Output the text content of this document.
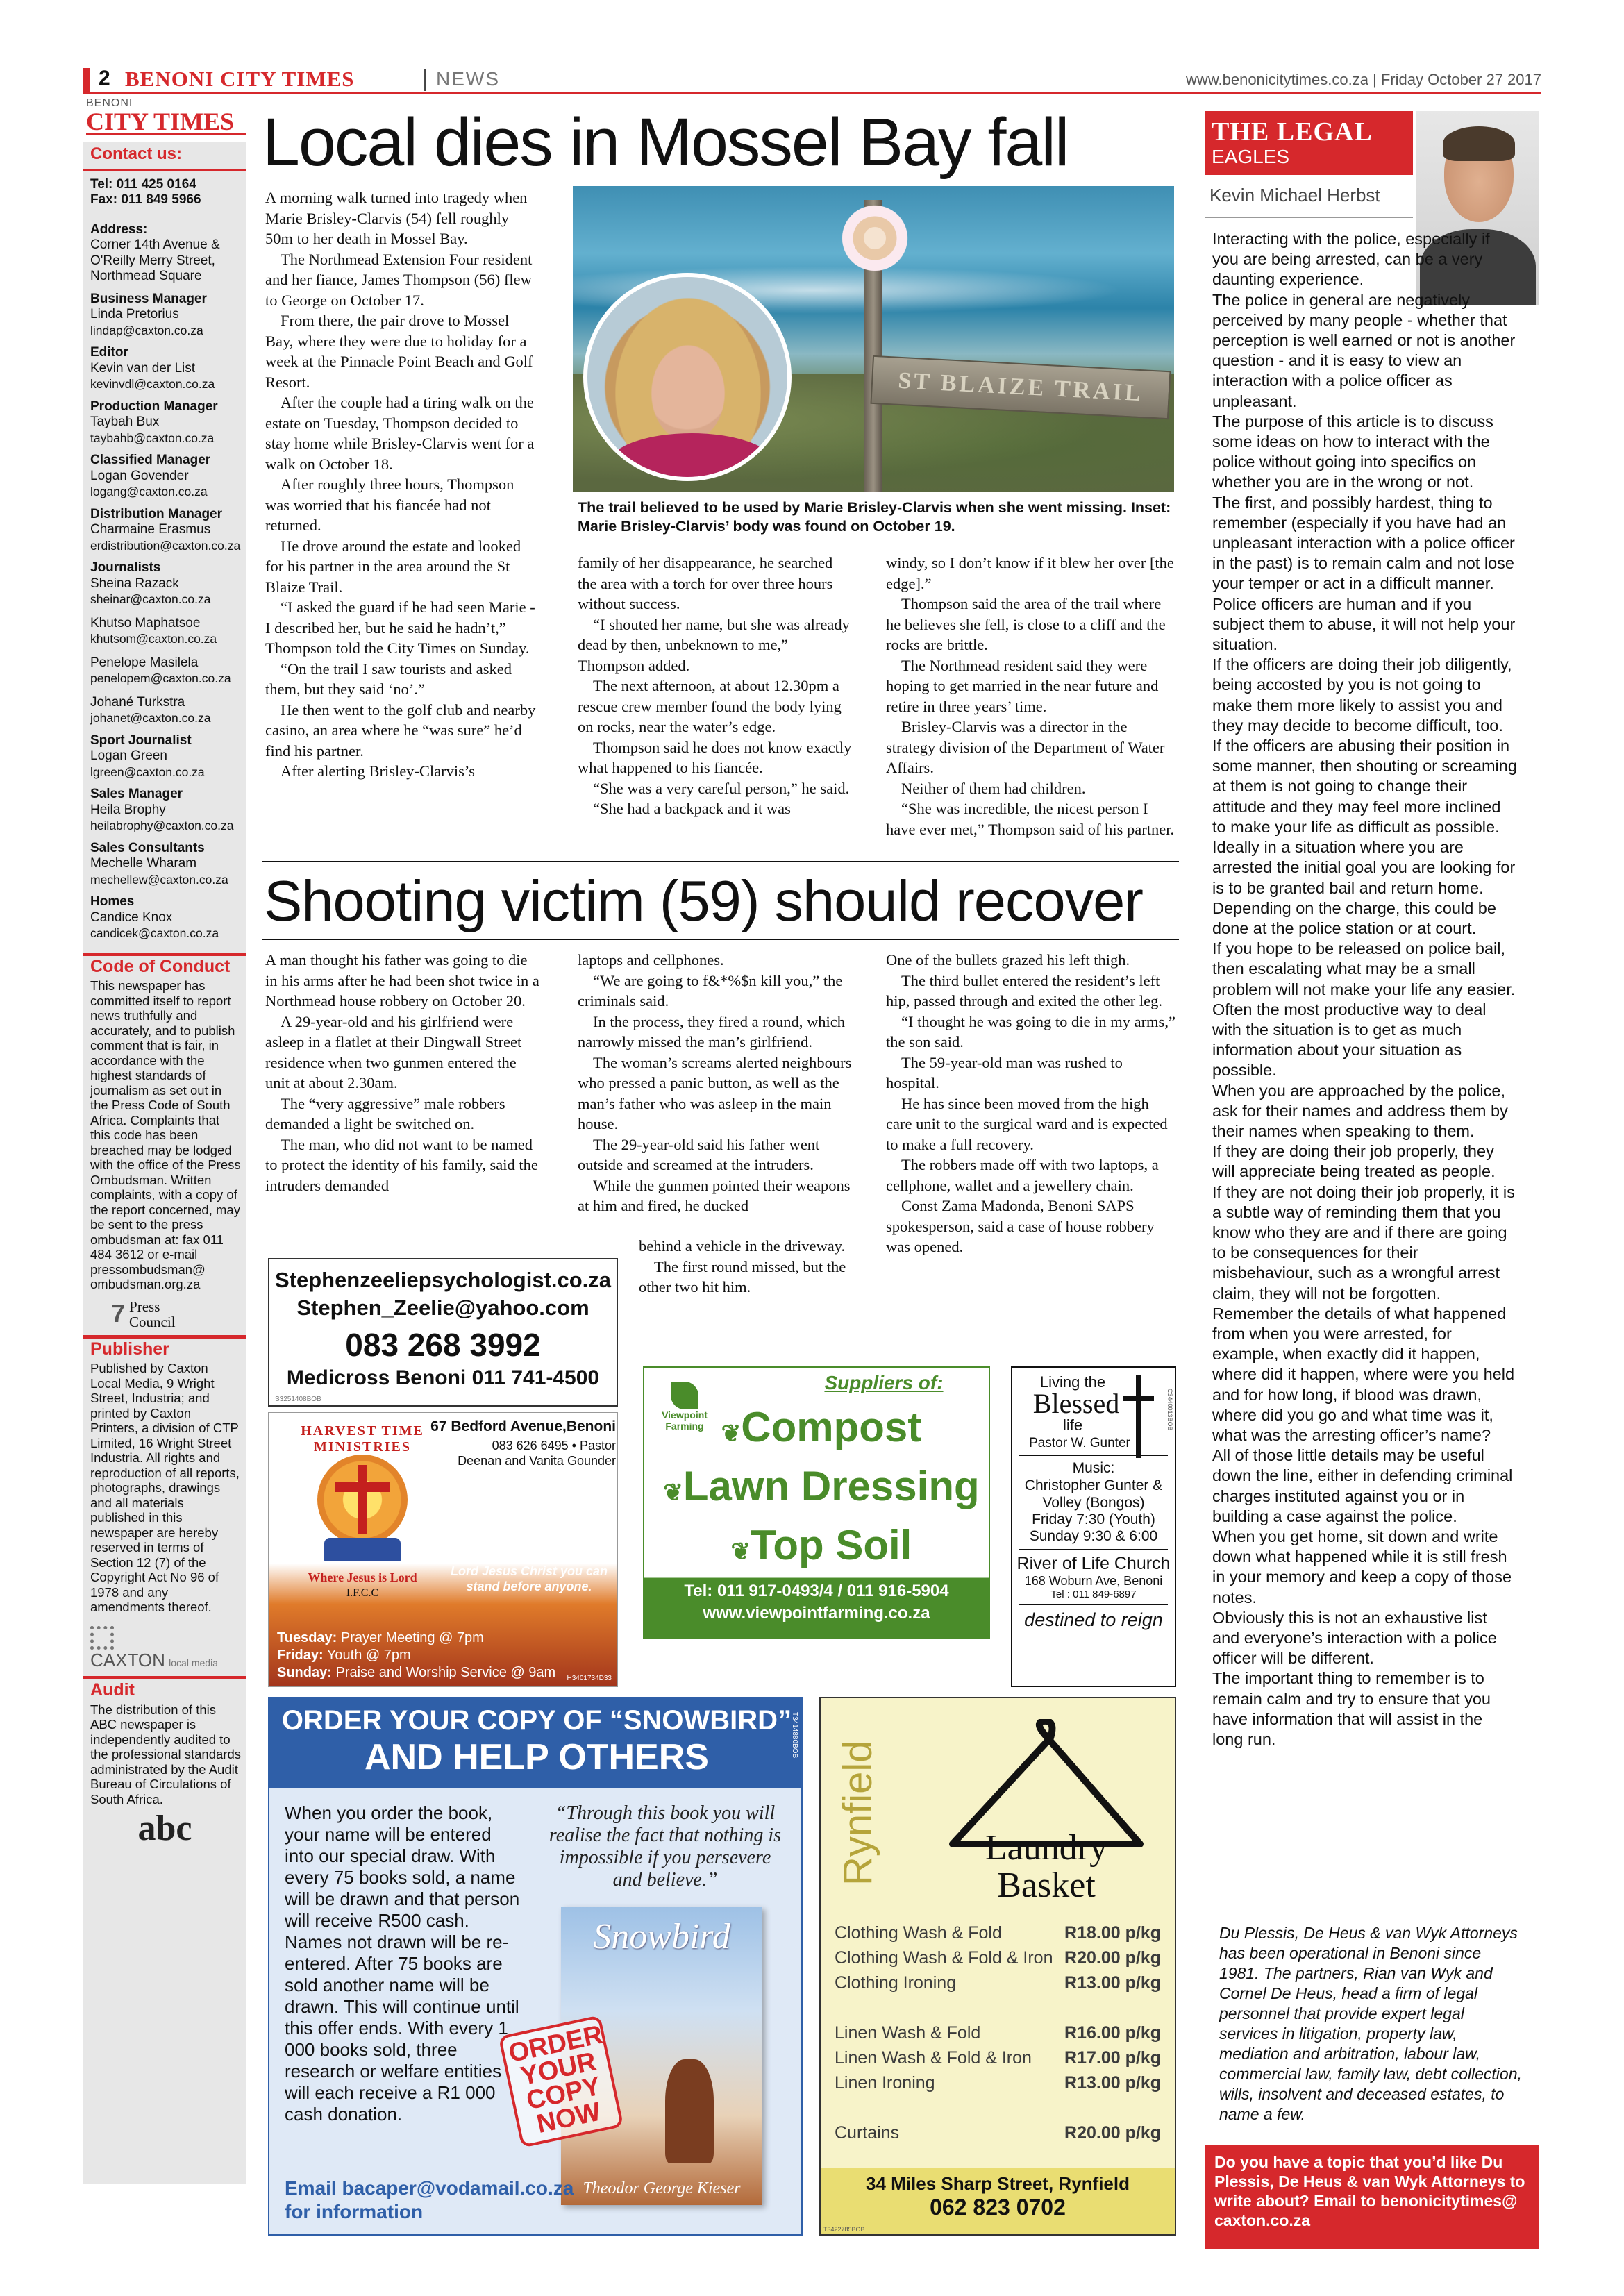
2 BENONI CITY TIMES	| NEWS	www.benonicitytimes.co.za | Friday October 27 2017
BENONI
CITY TIMES
Contact us:
Tel: 011 425 0164
Fax: 011 849 5966
Address:
Corner 14th Avenue & O'Reilly Merry Street, Northmead Square
Business Manager
Linda Pretorius
lindap@caxton.co.za
Editor
Kevin van der List
kevinvdl@caxton.co.za
Production Manager
Taybah Bux
taybahb@caxton.co.za
Classified Manager
Logan Govender
logang@caxton.co.za
Distribution Manager
Charmaine Erasmus
erdistribution@caxton.co.za
Journalists
Sheina Razack
sheinar@caxton.co.za
Khutso Maphatsoe
khutsom@caxton.co.za
Penelope Masilela
penelopem@caxton.co.za
Johané Turkstra
johanet@caxton.co.za
Sport Journalist
Logan Green
lgreen@caxton.co.za
Sales Manager
Heila Brophy
heilabrophy@caxton.co.za
Sales Consultants
Mechelle Wharam
mechellew@caxton.co.za
Homes
Candice Knox
candicek@caxton.co.za
Code of Conduct
This newspaper has committed itself to report news truthfully and accurately, and to publish comment that is fair, in accordance with the highest standards of journalism as set out in the Press Code of South Africa. Complaints that this code has been breached may be lodged with the office of the Press Ombudsman. Written complaints, with a copy of the report concerned, may be sent to the press ombudsman at: fax 011 484 3612 or e-mail pressombudsman@ ombudsman.org.za
7 Press Council
Publisher
Published by Caxton Local Media, 9 Wright Street, Industria; and printed by Caxton Printers, a division of CTP Limited, 16 Wright Street Industria. All rights and reproduction of all reports, photographs, drawings and all materials published in this newspaper are hereby reserved in terms of Section 12 (7) of the Copyright Act No 96 of 1978 and any amendments thereof.
CAXTON local media
Audit
The distribution of this ABC newspaper is independently audited to the professional standards administrated by the Audit Bureau of Circulations of South Africa.
abc
Local dies in Mossel Bay fall

A morning walk turned into tragedy when Marie Brisley-Clarvis (54) fell roughly 50m to her death in Mossel Bay.

The Northmead Extension Four resident and her fiance, James Thompson (56) flew to George on October 17.

From there, the pair drove to Mossel Bay, where they were due to holiday for a week at the Pinnacle Point Beach and Golf Resort.

After the couple had a tiring walk on the estate on Tuesday, Thompson decided to stay home while Brisley-Clarvis went for a walk on October 18.

After roughly three hours, Thompson was worried that his fiancée had not returned.

He drove around the estate and looked for his partner in the area around the St Blaize Trail.

“I asked the guard if he had seen Marie - I described her, but he said he hadn’t,” Thompson told the City Times on Sunday.

“On the trail I saw tourists and asked them, but they said ‘no’.”

He then went to the golf club and nearby casino, an area where he “was sure” he’d find his partner.

After alerting Brisley-Clarvis’s

ST BLAIZE TRAIL
The trail believed to be used by Marie Brisley-Clarvis when she went missing. Inset: Marie Brisley-Clarvis’ body was found on October 19.

family of her disappearance, he searched the area with a torch for over three hours without success.

“I shouted her name, but she was already dead by then, unbeknown to me,” Thompson added.

The next afternoon, at about 12.30pm a rescue crew member found the body lying on rocks, near the water’s edge.

Thompson said he does not know exactly what happened to his fiancée.

“She was a very careful person,” he said.

“She had a backpack and it was

windy, so I don’t know if it blew her over [the edge].”

Thompson said the area of the trail where he believes she fell, is close to a cliff and the rocks are brittle.

The Northmead resident said they were hoping to get married in the near future and retire in three years’ time.

Brisley-Clarvis was a director in the strategy division of the Department of Water Affairs.

Neither of them had children.

“She was incredible, the nicest person I have ever met,” Thompson said of his partner.

Shooting victim (59) should recover

A man thought his father was going to die in his arms after he had been shot twice in a Northmead house robbery on October 20.

A 29-year-old and his girlfriend were asleep in a flatlet at their Dingwall Street residence when two gunmen entered the unit at about 2.30am.

The “very aggressive” male robbers demanded a light be switched on.

The man, who did not want to be named to protect the identity of his family, said the intruders demanded

laptops and cellphones.

“We are going to f&*%$n kill you,” the criminals said.

In the process, they fired a round, which narrowly missed the man’s girlfriend.

The woman’s screams alerted neighbours who pressed a panic button, as well as the man’s father who was asleep in the main house.

The 29-year-old said his father went outside and screamed at the intruders.

While the gunmen pointed their weapons at him and fired, he ducked

behind a vehicle in the driveway.

The first round missed, but the other two hit him.

One of the bullets grazed his left thigh.

The third bullet entered the resident’s left hip, passed through and exited the other leg.

“I thought he was going to die in my arms,” the son said.

The 59-year-old man was rushed to hospital.

He has since been moved from the high care unit to the surgical ward and is expected to make a full recovery.

The robbers made off with two laptops, a cellphone, wallet and a jewellery chain.

Const Zama Madonda, Benoni SAPS spokesperson, said a case of house robbery was opened.

THE LEGAL
EAGLES
Kevin Michael Herbst

Interacting with the police, especially if you are being arrested, can be a very daunting experience.

The police in general are negatively perceived by many people - whether that perception is well earned or not is another question - and it is easy to view an interaction with a police officer as unpleasant.

The purpose of this article is to discuss some ideas on how to interact with the police without going into specifics on whether you are in the wrong or not.

The first, and possibly hardest, thing to remember (especially if you have had an unpleasant interaction with a police officer in the past) is to remain calm and not lose your temper or act in a difficult manner.

Police officers are human and if you subject them to abuse, it will not help your situation.

If the officers are doing their job diligently, being accosted by you is not going to make them more likely to assist you and they may decide to become difficult, too.

If the officers are abusing their position in some manner, then shouting or screaming at them is not going to change their attitude and they may feel more inclined to make your life as difficult as possible.

Ideally in a situation where you are arrested the initial goal you are looking for is to be granted bail and return home. Depending on the charge, this could be done at the police station or at court.

If you hope to be released on police bail, then escalating what may be a small problem will not make your life any easier.

Often the most productive way to deal with the situation is to get as much information about your situation as possible.

When you are approached by the police, ask for their names and address them by their names when speaking to them.

If they are doing their job properly, they will appreciate being treated as people.

If they are not doing their job properly, it is a subtle way of reminding them that you know who they are and if there are going to be consequences for their misbehaviour, such as a wrongful arrest claim, they will not be forgotten.

Remember the details of what happened from when you were arrested, for example, when exactly did it happen, where did it happen, where were you held and for how long, if blood was drawn, where did you go and what time was it, what was the arresting officer’s name?

All of those little details may be useful down the line, either in defending criminal charges instituted against you or in building a case against the police.

When you get home, sit down and write down what happened while it is still fresh in your memory and keep a copy of those notes.

Obviously this is not an exhaustive list and everyone’s interaction with a police officer will be different.

The important thing to remember is to remain calm and try to ensure that you have information that will assist in the long run.

Du Plessis, De Heus & van Wyk Attorneys has been operational in Benoni since 1981. The partners, Rian van Wyk and Cornel De Heus, head a firm of legal personnel that provide expert legal services in litigation, property law, mediation and arbitration, labour law, commercial law, family law, debt collection, wills, insolvent and deceased estates, to name a few.
Do you have a topic that you’d like Du Plessis, De Heus & van Wyk Attorneys to write about? Email to benonicitytimes@ caxton.co.za
Stephenzeeliepsychologist.co.za
Stephen_Zeelie@yahoo.com
083 268 3992
Medicross Benoni 011 741-4500
S3251408BOB
HARVEST TIME MINISTRIES
Where Jesus is Lord
I.F.C.C
67 Bedford Avenue,Benoni
083 626 6495 • Pastor Deenan and Vanita Gounder
“If you kneel before the Lord Jesus Christ you can stand before anyone.
Tuesday: Prayer Meeting @ 7pm
Friday: Youth @ 7pm
Sunday: Praise and Worship Service @ 9am	H3401734D33
Viewpoint Farming
Suppliers of:
❦Compost
❦Lawn Dressing
❦Top Soil
Tel: 011 917-0493/4 / 011 916-5904
www.viewpointfarming.co.za
Living the
Blessed
life
Pastor W. Gunter
Music:
Christopher Gunter & Volley (Bongos)
Friday 7:30 (Youth)
Sunday 9:30 & 6:00
River of Life Church
168 Woburn Ave, Benoni
Tel : 011 849-6897
destined to reign
C3440013BOB
ORDER YOUR COPY OF “SNOWBIRD”
AND HELP OTHERS	T3414880BOB
When you order the book, your name will be entered into our special draw. With every 75 books sold, a name will be drawn and that person will receive R500 cash. Names not drawn will be re-entered. After 75 books are sold another name will be drawn. This will continue until this offer ends. With every 1 000 books sold, three research or welfare entities will each receive a R1 000 cash donation.
“Through this book you will realise the fact that nothing is impossible if you persevere and believe.”
Snowbird
Theodor George Kieser
ORDER YOUR COPY NOW
Email bacaper@vodamail.co.za
for information
Rynfield	Laundry
Basket
Clothing Wash & Fold	R18.00 p/kg
Clothing Wash & Fold & Iron R20.00 p/kg
Clothing Ironing	R13.00 p/kg
Linen Wash & Fold	R16.00 p/kg
Linen Wash & Fold & Iron R17.00 p/kg
Linen Ironing	R13.00 p/kg
Curtains	R20.00 p/kg
34 Miles Sharp Street, Rynfield
062 823 0702
T3422785BOB
